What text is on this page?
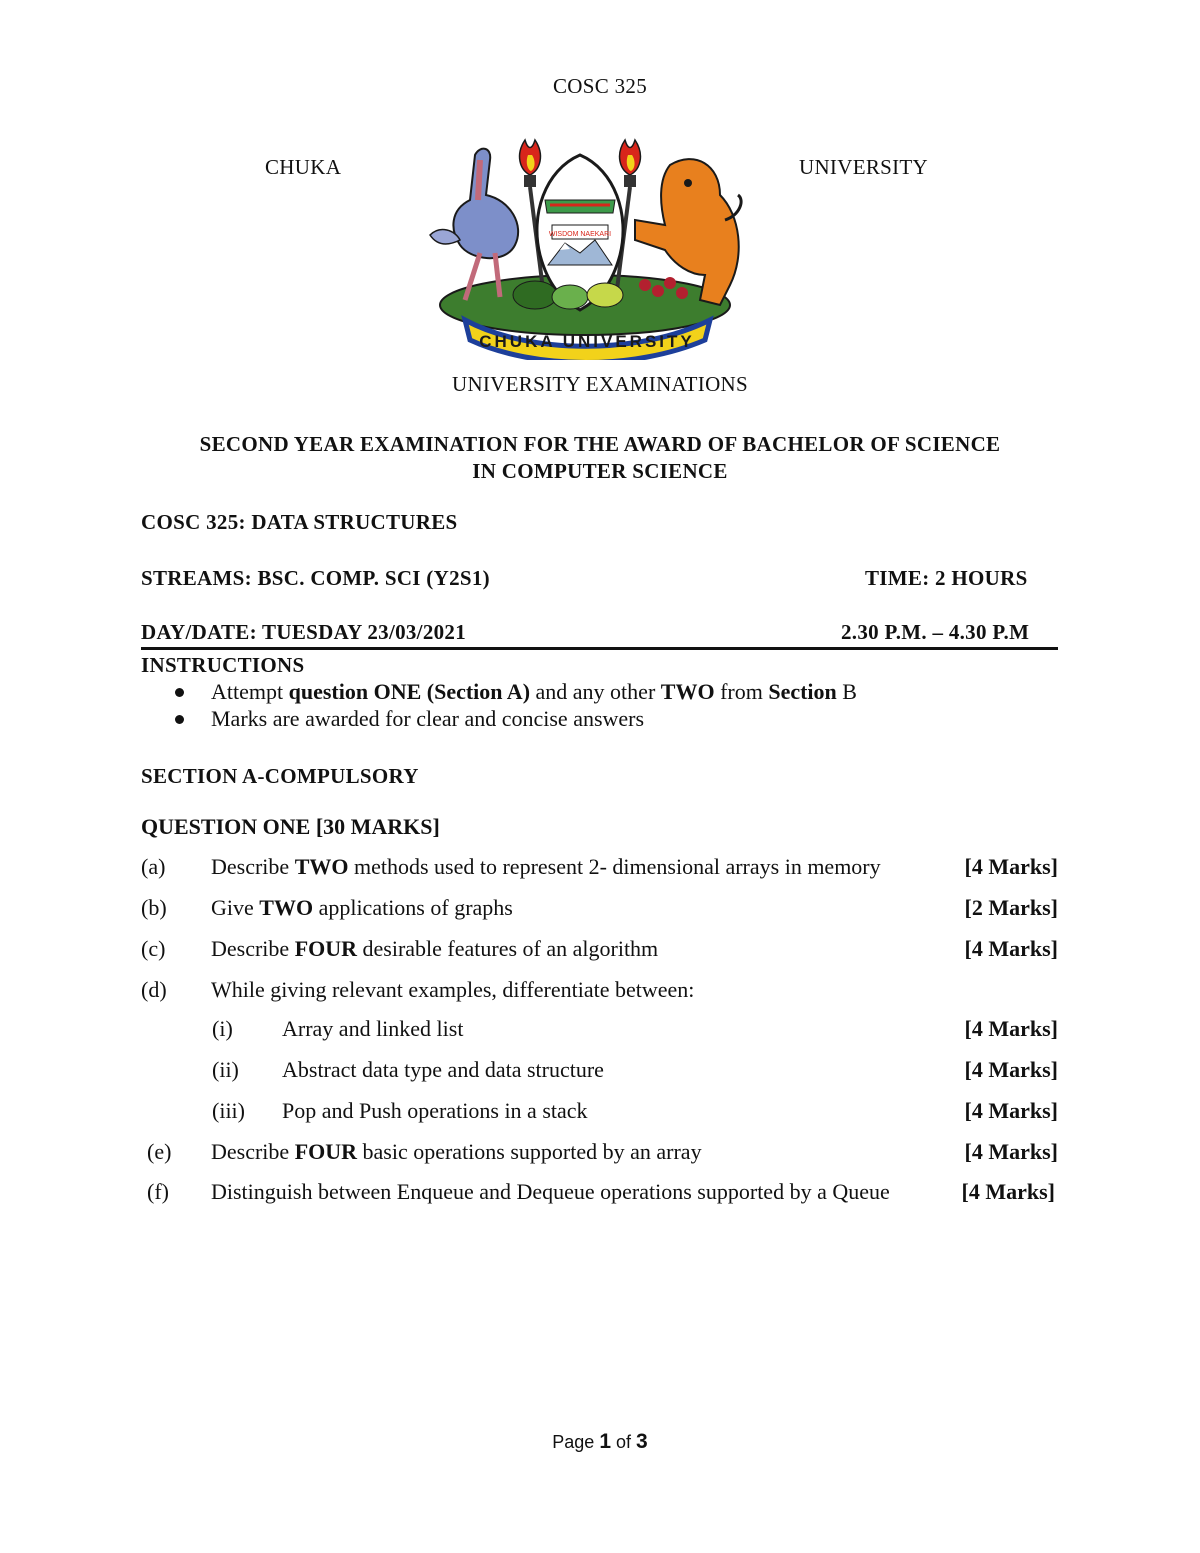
COSC 325
CHUKA	UNIVERSITY
WISDOM NAEKARI
CHUKA UNIVERSITY
UNIVERSITY EXAMINATIONS
SECOND YEAR EXAMINATION FOR THE AWARD OF BACHELOR OF SCIENCE
IN COMPUTER SCIENCE
COSC 325: DATA STRUCTURES
STREAMS: BSC. COMP. SCI (Y2S1)	TIME: 2 HOURS
DAY/DATE: TUESDAY 23/03/2021	2.30 P.M. – 4.30 P.M
INSTRUCTIONS
Attempt question ONE (Section A) and any other TWO from Section B
Marks are awarded for clear and concise answers
SECTION A-COMPULSORY
QUESTION ONE [30 MARKS]
(a) Describe TWO methods used to represent 2- dimensional arrays in memory	[4 Marks]
(b) Give TWO applications of graphs	[2 Marks]
(c) Describe FOUR desirable features of an algorithm	[4 Marks]
(d) While giving relevant examples, differentiate between:
(i) Array and linked list	[4 Marks]
(ii) Abstract data type and data structure	[4 Marks]
(iii) Pop and Push operations in a stack	[4 Marks]
(e) Describe FOUR basic operations supported by an array	[4 Marks]
(f) Distinguish between Enqueue and Dequeue operations supported by a Queue	[4 Marks]
Page 1 of 3
